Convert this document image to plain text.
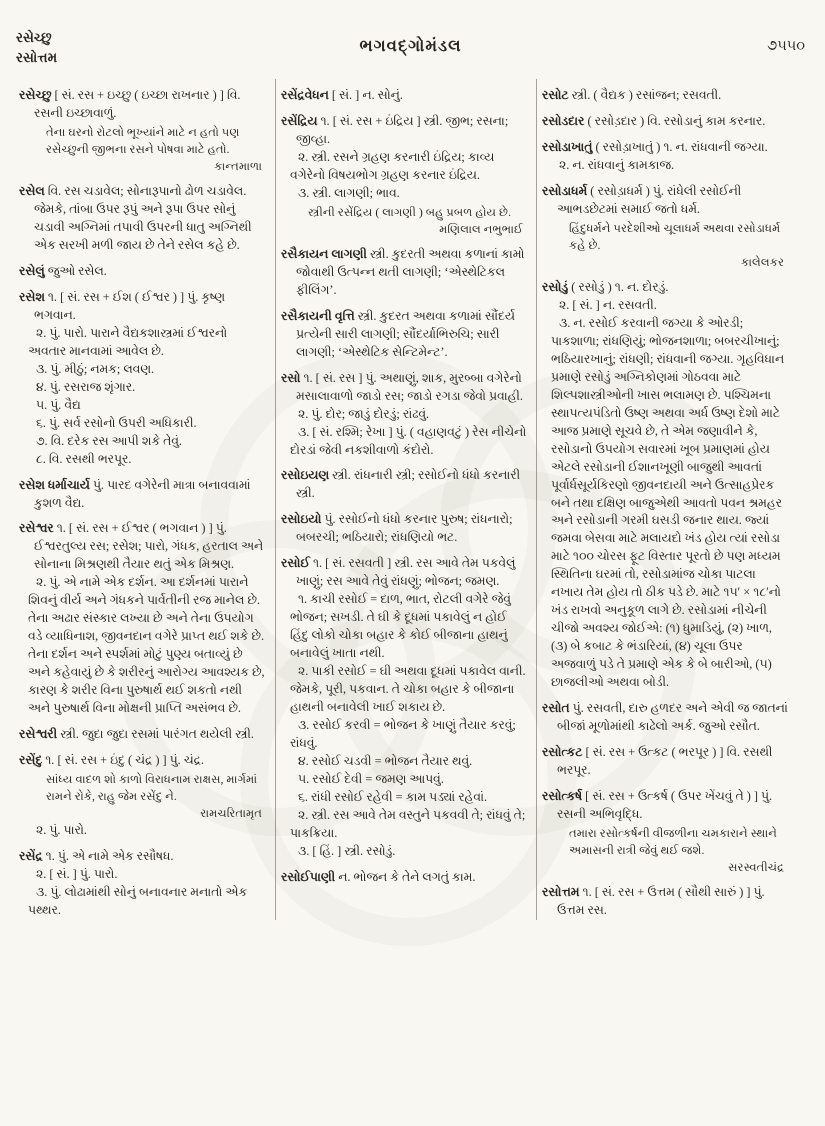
રસેચ્છુ
રસોત્તમ
ભગવદ્ગોમંડલ	૭૫૫૦
રસેચ્છુ [ સં. રસ + ઇચ્છુ ( ઇચ્છા રાખનાર ) ] વિ. રસની ઇચ્છાવાળું.
તેના ઘરનો રોટલો ભૂખ્યાંને માટે ન હતો પણ રસેચ્છુની જીભના રસને પોષવા માટે હતો.
કાન્તમાળા
રસેલ વિ. રસ ચડાવેલ; સોનારૂપાનો ઢોળ ચડાવેલ. જેમકે, તાંબા ઉપર રૂપું અને રૂપા ઉપર સોનું ચડાવી અગ્નિમાં તપાવી ઉપરની ધાતુ અગ્નિથી એક સરખી મળી જાય છે તેને રસેલ કહે છે.
રસેલું જુઓ રસેલ.
રસેશ ૧. [ સં. રસ + ઈશ ( ઈશ્વર ) ] પું. કૃષ્ણ ભગવાન.
૨. પું. પારો. પારાને વૈદ્યકશાસ્ત્રમાં ઈશ્વરનો અવતાર માનવામાં આવેલ છે.
૩. પું. મીઠું; નમક; લવણ.
૪. પું. રસરાજ શૃંગાર.
૫. પું. વૈદ્ય
૬. પું. સર્વ રસોનો ઉપરી અધિકારી.
૭. વિ. દરેક રસ આપી શકે તેવું.
૮. વિ. રસથી ભરપૂર.
રસેશ ધર્માચાર્ય પું. પારદ વગેરેની માત્રા બનાવવામાં કુશળ વૈદ્ય.
રસેશ્વર ૧. [ સં. રસ + ઈશ્વર ( ભગવાન ) ] પું. ઈશ્વરતુલ્ય રસ; રસેશ; પારો, ગંધક, હરતાલ અને સોનાના મિશ્રણથી તૈયાર થતું એક મિશ્રણ.
૨. પું. એ નામે એક દર્શન. આ દર્શનમાં પારાને શિવનું વીર્ય અને ગંધકને પાર્વતીની રજ માનેલ છે. તેના અઢાર સંસ્કાર લખ્યા છે અને તેના ઉપયોગ વડે વ્યાધિનાશ, જીવનદાન વગેરે પ્રાપ્ત થઈ શકે છે. તેના દર્શન અને સ્પર્શમાં મોટું પુણ્ય બતાવ્યું છે અને કહેવાયું છે કે શરીરનું આરોગ્ય આવશ્યક છે, કારણ કે શરીર વિના પુરુષાર્થ થઈ શકતો નથી અને પુરુષાર્થ વિના મોક્ષની પ્રાપ્તિ અસંભવ છે.
રસેશ્વરી સ્ત્રી. જુદા જુદા રસમાં પારંગત થયેલી સ્ત્રી.
રસેંદુ ૧. [ સં. રસ + ઇંદુ ( ચંદ્ર ) ] પું. ચંદ્ર.
સાંધ્ય વાદળ શો કાળો વિરાધનામ રાક્ષસ, માર્ગમાં રામને રોકે, રાહુ જેમ રસેંદુ ને.
રામચરિતામૃત
૨. પું. પારો.
રસેંદ્ર ૧. પું. એ નામે એક રસૌષધ.
૨. [ સં. ] પું. પારો.
૩. પું. લોઢામાંથી સોનું બનાવનાર મનાતો એક પથ્થર.
રસેંદ્રવેધન [ સં. ] ન. સોનું.
રસેંદ્રિય ૧. [ સં. રસ + ઇંદ્રિય ] સ્ત્રી. જીભ; રસના; જીવ્હા.
૨. સ્ત્રી. રસને ગ્રહણ કરનારી ઇંદ્રિય; કાવ્ય વગેરેનો વિષયભોગ ગ્રહણ કરનાર ઇંદ્રિય.
૩. સ્ત્રી. લાગણી; ભાવ.
સ્ત્રીની રસેંદ્રિય ( લાગણી ) બહુ પ્રબળ હોય છે.
મણિલાલ નભુભાઈ
રસૈકાયન લાગણી સ્ત્રી. કુદરતી અથવા કળાનાં કામો જોવાથી ઉત્પન્ન થતી લાગણી; ‘એસ્થેટિકલ ફીલિંગ’.
રસૈકાયની વૃત્તિ સ્ત્રી. કુદરત અથવા કળામાં સૌંદર્ય પ્રત્યેની સારી લાગણી; સૌંદર્યાભિરુચિ; સારી લાગણી; ‘એસ્થેટિક સેન્ટિમેન્ટ’.
રસો ૧. [ સં. રસ ] પું. અથાણું, શાક, મુરબ્બા વગેરેનો મસાલાવાળો જાડો રસ; જાડો રગડા જેવો પ્રવાહી.
૨. પું. દોર; જાડું દોરડું; રાંઢવું.
૩. [ સં. રશ્મિ; રેખા ] પું. ( વહાણવટું ) રેસ નીચેનો દોરડાં જેવી નકશીવાળો કંદોરો.
રસોઇયણ સ્ત્રી. રાંધનારી સ્ત્રી; રસોઈનો ધંધો કરનારી સ્ત્રી.
રસોઇયો પું. રસોઈનો ધંધો કરનાર પુરુષ; રાંધનારો; બબરચી; ભઠિયારો; રાંધણિયો ભટ.
રસોઈ ૧. [ સં. રસવતી ] સ્ત્રી. રસ આવે તેમ પકવેલું ખાણું; રસ આવે તેવું રાંધણું; ભોજન; જમણ.
૧. કાચી રસોઈ = દાળ, ભાત, રોટલી વગેરે જેવું ભોજન; સખડી. તે ઘી કે દૂધમાં પકાવેલું ન હોઈ હિંદુ લોકો ચોકા બહાર કે કોઈ બીજાના હાથનું બનાવેલું ખાતા નથી.
૨. પાકી રસોઈ = ઘી અથવા દૂધમાં પકાવેલ વાની. જેમકે, પૂરી, પકવાન. તે ચોકા બહાર કે બીજાના હાથની બનાવેલી ખાઈ શકાય છે.
૩. રસોઈ કરવી = ભોજન કે ખાણું તૈયાર કરવું; રાંધવું.
૪. રસોઈ ચડવી = ભોજન તૈયાર થવું.
૫. રસોઈ દેવી = જમણ આપવું.
૬. રાંધી રસોઈ રહેવી = કામ પડ્યાં રહેવાં.
૨. સ્ત્રી. રસ આવે તેમ વસ્તુને પકવવી તે; રાંધવું તે; પાકક્રિયા.
૩. [ હિં. ] સ્ત્રી. રસોડું.
રસોઈપાણી ન. ભોજન કે તેને લગતું કામ.
રસોટ સ્ત્રી. ( વૈદ્યક ) રસાંજન; રસવતી.
રસોડદાર ( રસોડ઼દાર ) વિ. રસોડાનું કામ કરનાર.
રસોડાખાતું ( રસોડ઼ાખાતું ) ૧. ન. રાંધવાની જગ્યા.
૨. ન. રાંધવાનું કામકાજ.
રસોડાધર્મ ( રસોડ઼ાધર્મ ) પું. રાંધેલી રસોઈની આભડછેટમાં સમાઈ જતો ધર્મ.
હિંદુધર્મને પરદેશીઓ ચૂલાધર્મ અથવા રસોડાધર્મ કહે છે.
કાલેલકર
રસોડું ( રસોડ઼ું ) ૧. ન. દોરડું.
૨. [ સં. ] ન. રસવતી.
૩. ન. રસોઈ કરવાની જગ્યા કે ઓરડી; પાકશાળા; રાંધણિયું; ભોજનશાળા; બબરચીખાનું; ભઠિયારખાનું; રાંધણી; રાંધવાની જગ્યા. ગૃહવિધાન પ્રમાણે રસોડું અગ્નિકોણમાં ગોઠવવા માટે શિલ્પશાસ્ત્રીઓની ખાસ ભલામણ છે. પશ્ચિમના સ્થાપત્યપંડિતો ઉષ્ણ અથવા અર્ધ ઉષ્ણ દેશો માટે આજ પ્રમાણે સૂચવે છે, તે એમ જણાવીને કે, રસોડાનો ઉપયોગ સવારમાં ખૂબ પ્રમાણમાં હોય એટલે રસોડાની ઈશાનખૂણી બાજુથી આવતાં પૂર્વાર્ધસૂર્યકિરણો જીવનદાયી અને ઉત્સાહપ્રેરક બને તથા દક્ષિણ બાજુએથી આવતો પવન શ્રમહર અને રસોડાની ગરમી ઘસડી જનાર થાય. જ્યાં જમવા બેસવા માટે મલાયદો ખંડ હોય ત્યાં રસોડા માટે ૧૦૦ ચોરસ ફૂટ વિસ્તાર પૂરતો છે પણ મધ્યમ સ્થિતિના ઘરમાં તો, રસોડામાંજ ચોકા પાટલા નખાય તેમ હોય તો ઠીક પડે છે. માટે ૧૫′ × ૧૮′નો ખંડ રાખવો અનુકૂળ લાગે છે. રસોડામાં નીચેની ચીજો અવશ્ય જોઈએ: (૧) ધુમાડિયું, (૨) ખાળ, (૩) બે કબાટ કે ભંડારિયાં, (૪) ચૂલા ઉપર અજવાળું પડે તે પ્રમાણે એક કે બે બારીઓ, (૫) છાજલીઓ અથવા બોડી.
રસોત પું. રસવતી, દારુ હળદર અને એવી જ જાતનાં બીજાં મૂળોમાંથી કાઢેલો અર્ક. જુઓ રસૌત.
રસોત્કટ [ સં. રસ + ઉત્કટ ( ભરપૂર ) ] વિ. રસથી ભરપૂર.
રસોત્કર્ષ [ સં. રસ + ઉત્કર્ષ ( ઉપર ખેંચવું તે ) ] પું. રસની અભિવૃદ્ધિ.
તમારા રસોત્કર્ષની વીજળીના ચમકારાને સ્થાને અમાસની રાત્રી જેવું થઈ જશે.
સરસ્વતીચંદ્ર
રસોત્તમ ૧. [ સં. રસ + ઉત્તમ ( સૌથી સારું ) ] પું. ઉત્તમ રસ.
